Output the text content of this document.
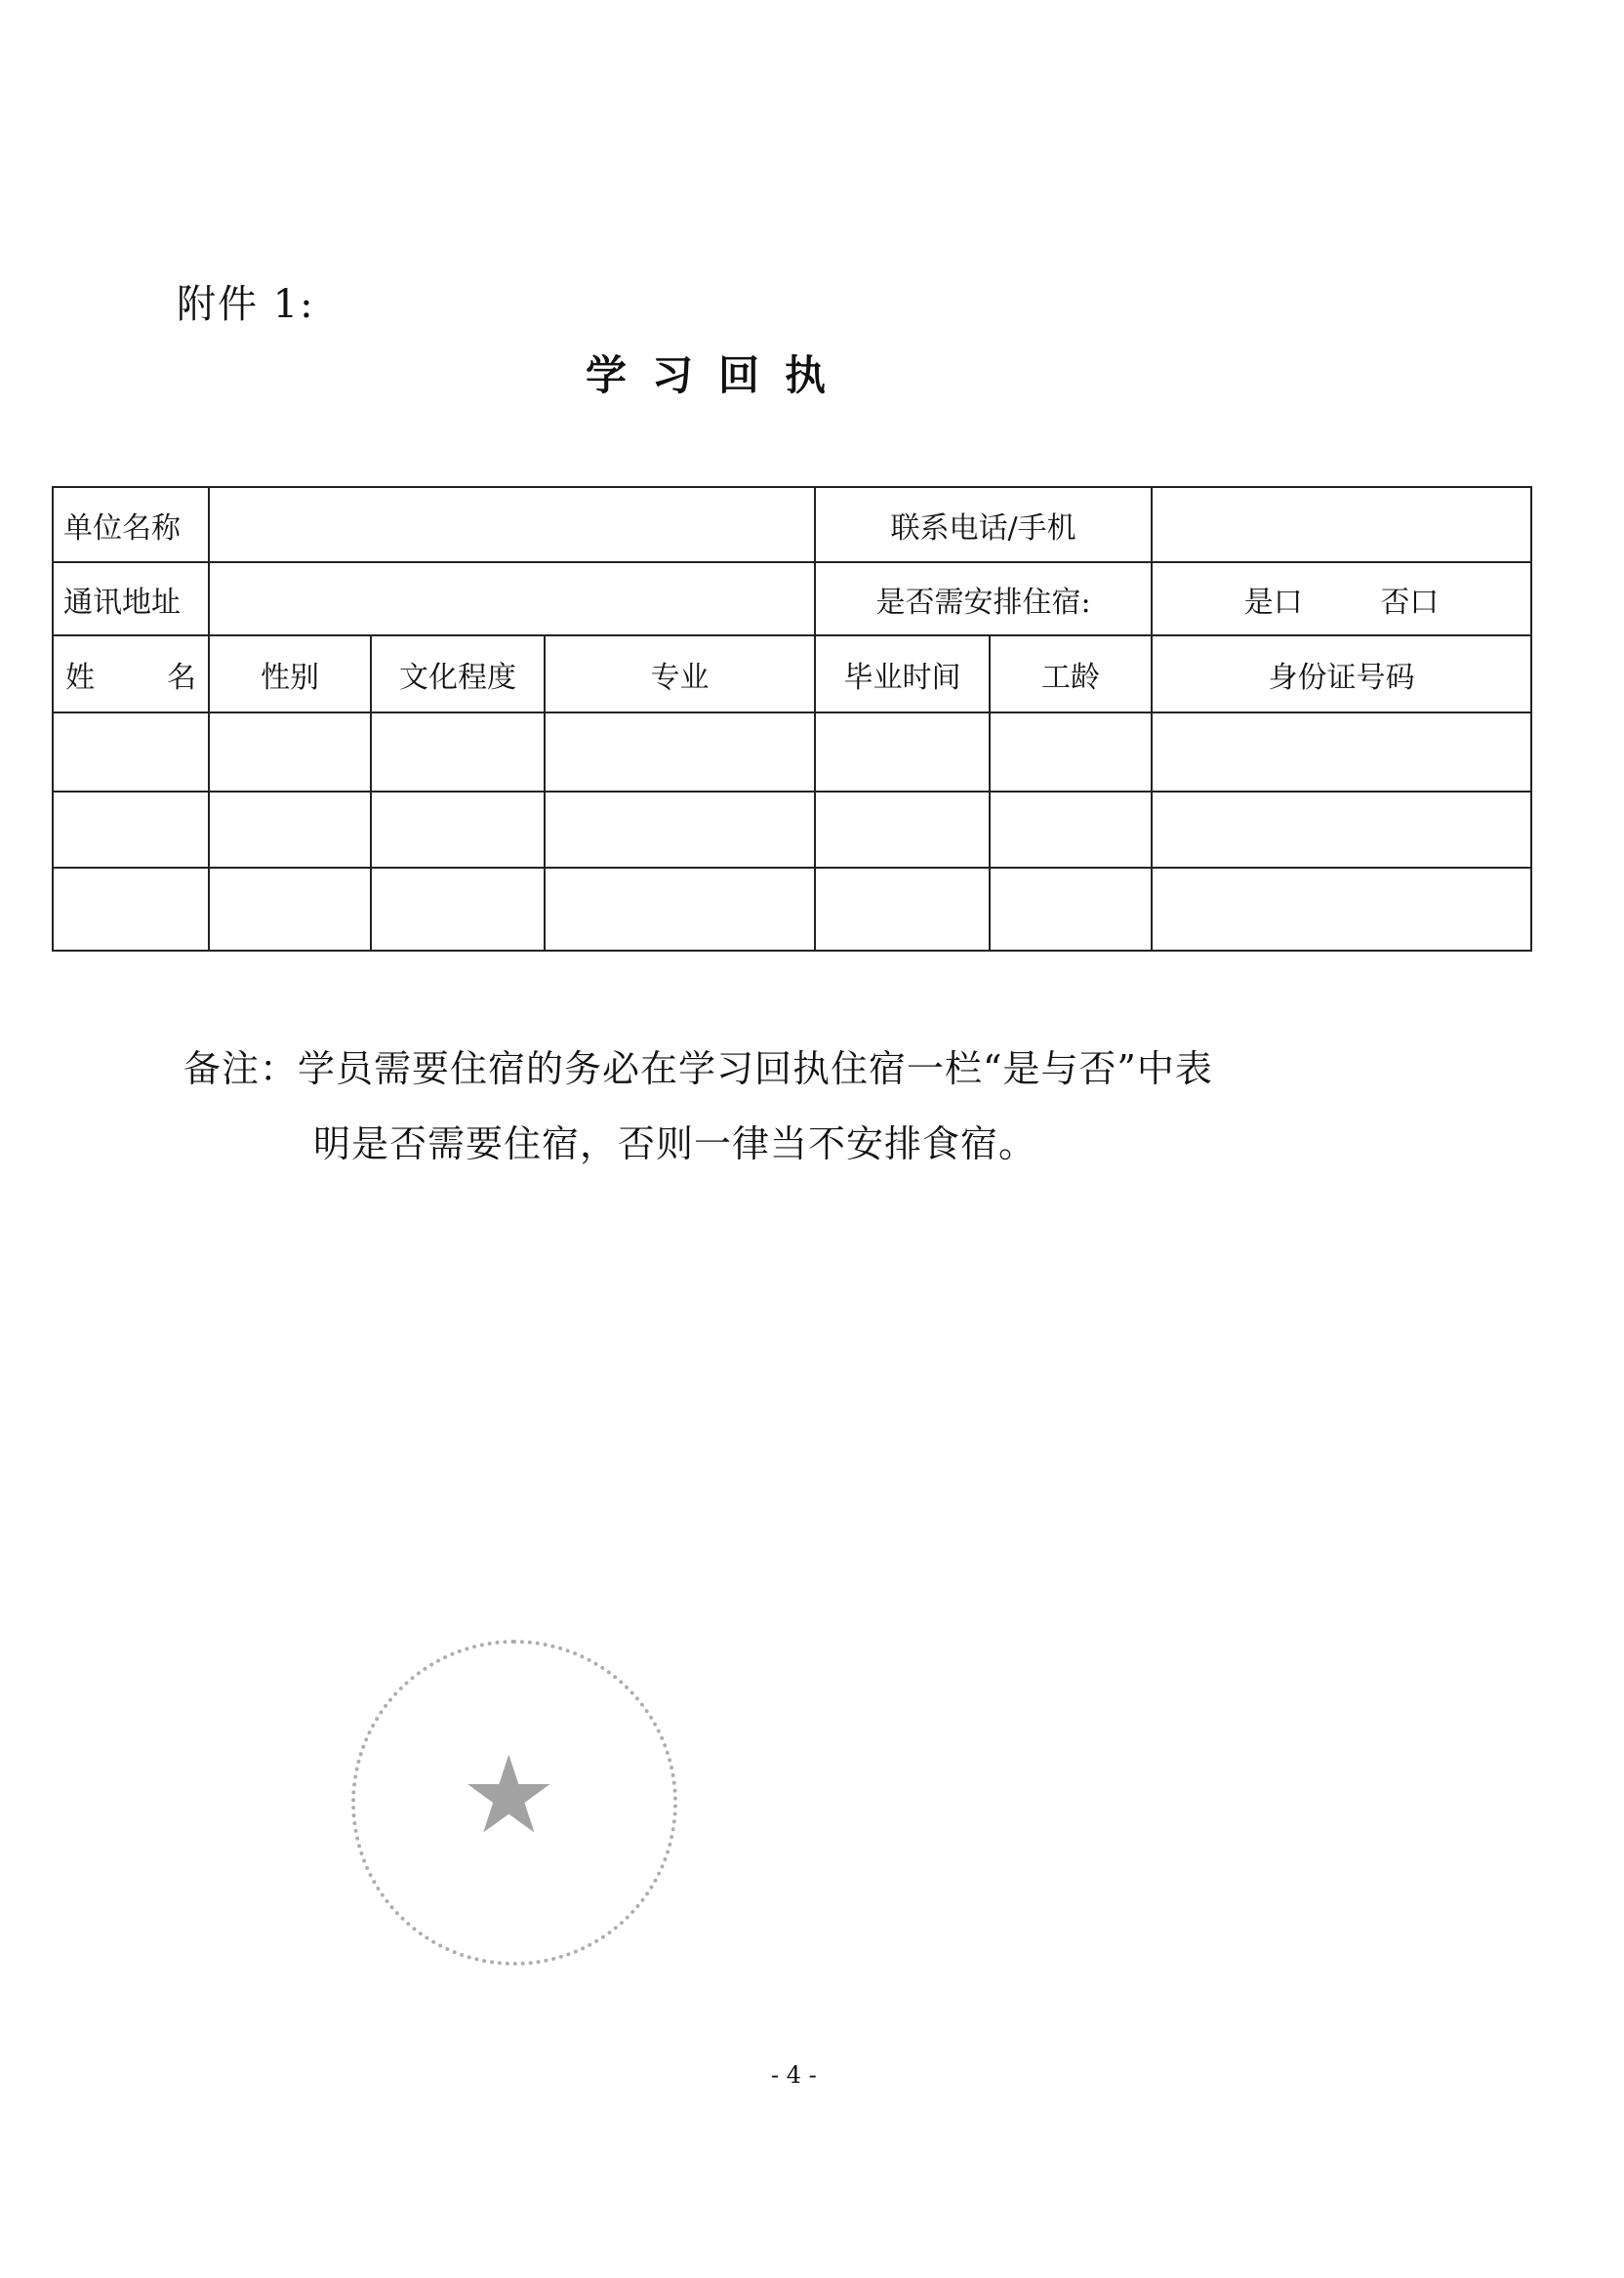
附件 1:
学习回执
单位名称				联系电话/手机		
通讯地址				是否需安排住宿:		是口 否口

姓 名	性别	文化程度	专业	毕业时间	工龄	身份证号码

备注：学员需要住宿的务必在学习回执住宿一栏“是与否”中表
明是否需要住宿，否则一律当不安排食宿。
★
- 4 -
